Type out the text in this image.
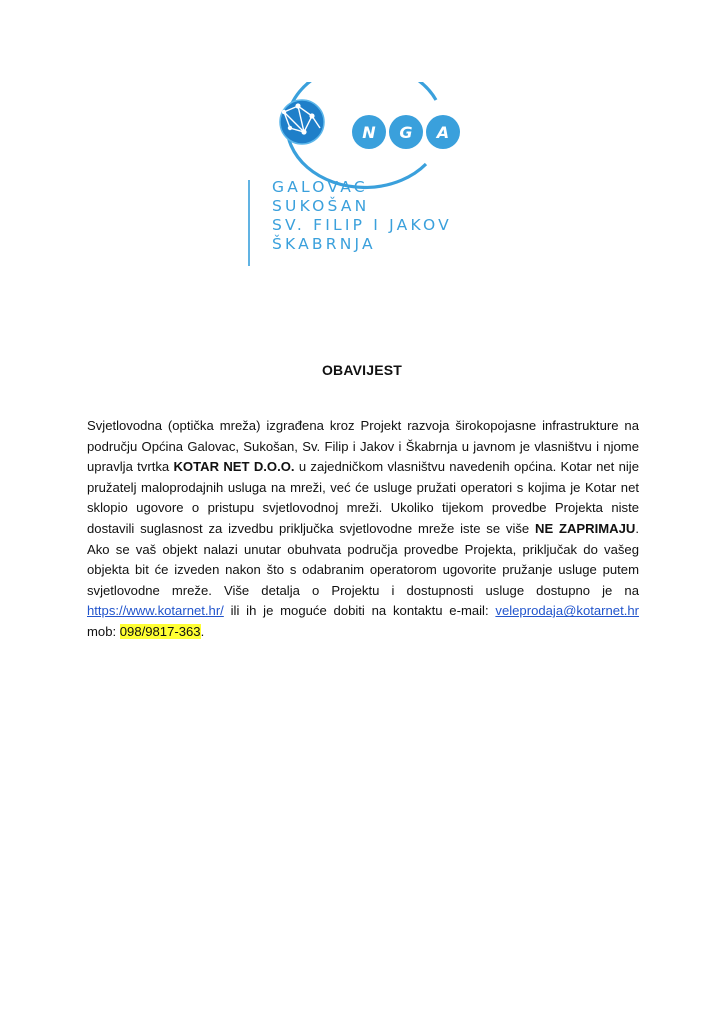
N G A
GALOVAC
SUKOŠAN
SV. FILIP I JAKOV
ŠKABRNJA
OBAVIJEST

Svjetlovodna (optička mreža) izgrađena kroz Projekt razvoja širokopojasne infrastrukture na području Općina Galovac, Sukošan, Sv. Filip i Jakov i Škabrnja u javnom je vlasništvu i njome upravlja tvrtka KOTAR NET D.O.O. u zajedničkom vlasništvu navedenih općina. Kotar net nije pružatelj maloprodajnih usluga na mreži, već će usluge pružati operatori s kojima je Kotar net sklopio ugovore o pristupu svjetlovodnoj mreži. Ukoliko tijekom provedbe Projekta niste dostavili suglasnost za izvedbu priključka svjetlovodne mreže iste se više NE ZAPRIMAJU. Ako se vaš objekt nalazi unutar obuhvata područja provedbe Projekta, priključak do vašeg objekta bit će izveden nakon što s odabranim operatorom ugovorite pružanje usluge putem svjetlovodne mreže. Više detalja o Projektu i dostupnosti usluge dostupno je na https://www.kotarnet.hr/ ili ih je moguće dobiti na kontaktu e-mail: veleprodaja@kotarnet.hr mob: 098/9817-363.
